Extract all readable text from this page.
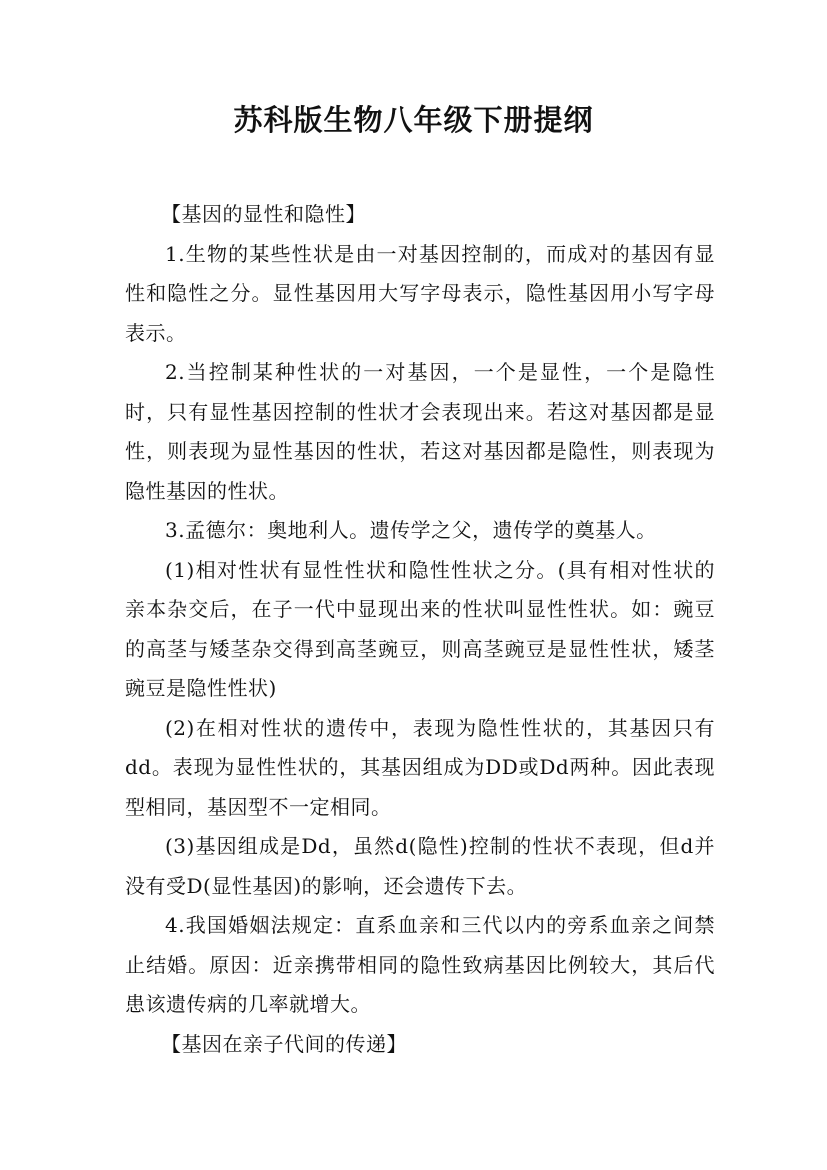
苏科版生物八年级下册提纲

【基因的显性和隐性】

1.生物的某些性状是由一对基因控制的，而成对的基因有显性和隐性之分。显性基因用大写字母表示，隐性基因用小写字母表示。

2.当控制某种性状的一对基因，一个是显性，一个是隐性时，只有显性基因控制的性状才会表现出来。若这对基因都是显性，则表现为显性基因的性状，若这对基因都是隐性，则表现为隐性基因的性状。

3.孟德尔：奥地利人。遗传学之父，遗传学的奠基人。

(1)相对性状有显性性状和隐性性状之分。(具有相对性状的亲本杂交后，在子一代中显现出来的性状叫显性性状。如：豌豆的高茎与矮茎杂交得到高茎豌豆，则高茎豌豆是显性性状，矮茎豌豆是隐性性状)

(2)在相对性状的遗传中，表现为隐性性状的，其基因只有dd。表现为显性性状的，其基因组成为DD或Dd两种。因此表现型相同，基因型不一定相同。

(3)基因组成是Dd，虽然d(隐性)控制的性状不表现，但d并没有受D(显性基因)的影响，还会遗传下去。

4.我国婚姻法规定：直系血亲和三代以内的旁系血亲之间禁止结婚。原因：近亲携带相同的隐性致病基因比例较大，其后代患该遗传病的几率就增大。

【基因在亲子代间的传递】
